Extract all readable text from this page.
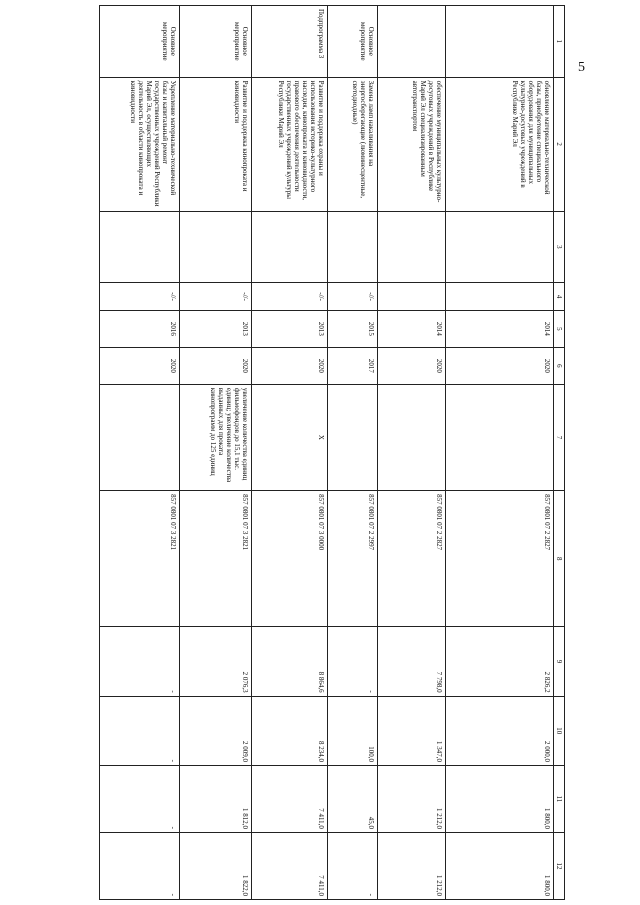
5
1	2	3	4	5	6	7	8	9	10	11	12
	обновление материально-технической базы, приобретение специального оборудования для муниципальных культурно-досуговых учреждений в Республике Марий Эл			2014	2020		857 0801 07 2 2827	2 826,2	2 000,0	1 800,0	1 800,0
	обеспечение муниципальных культурно-досуговых учреждений в Республике Марий Эл специализированным автотранспортом			2014	2020		857 0801 07 2 2827	7 798,0	1 347,0	1 212,0	1 212,0
Основное мероприятие	Замена ламп накаливания на энергосберегающие (люминесцентные, светодиодные)		-//-	2015	2017		857 0801 07 2 2997	-	100,0	45,0	-
Подпрограмма 3	Развитие и поддержка охраны и использования историко-культурного наследия, кинопроката и киновидности, правового обеспечения деятельности государственных учреждений культуры Республики Марий Эл		-//-	2013	2020	X	857 0801 07 3 0000	8 864,6	8 234,0	7 411,0	7 411,0
Основное мероприятие	Развитие и поддержка кинопроката и киновидности		-//-	2013	2020	увеличение количества единиц фильмофондов до 15,1 тыс. единиц; увеличение количества выданных для проката кинопрограмм до 125 единиц	857 0801 07 3 2821	2 076,3	2 009,0	1 812,0	1 822,0
Основное мероприятие	Укрепление материально-технической базы и капитальный ремонт государственных учреждений Республики Марий Эл, осуществляющих деятельность в области кинопроката и киновидности		-//-	2016	2020		857 0801 07 3 2821	-	-	-	-
